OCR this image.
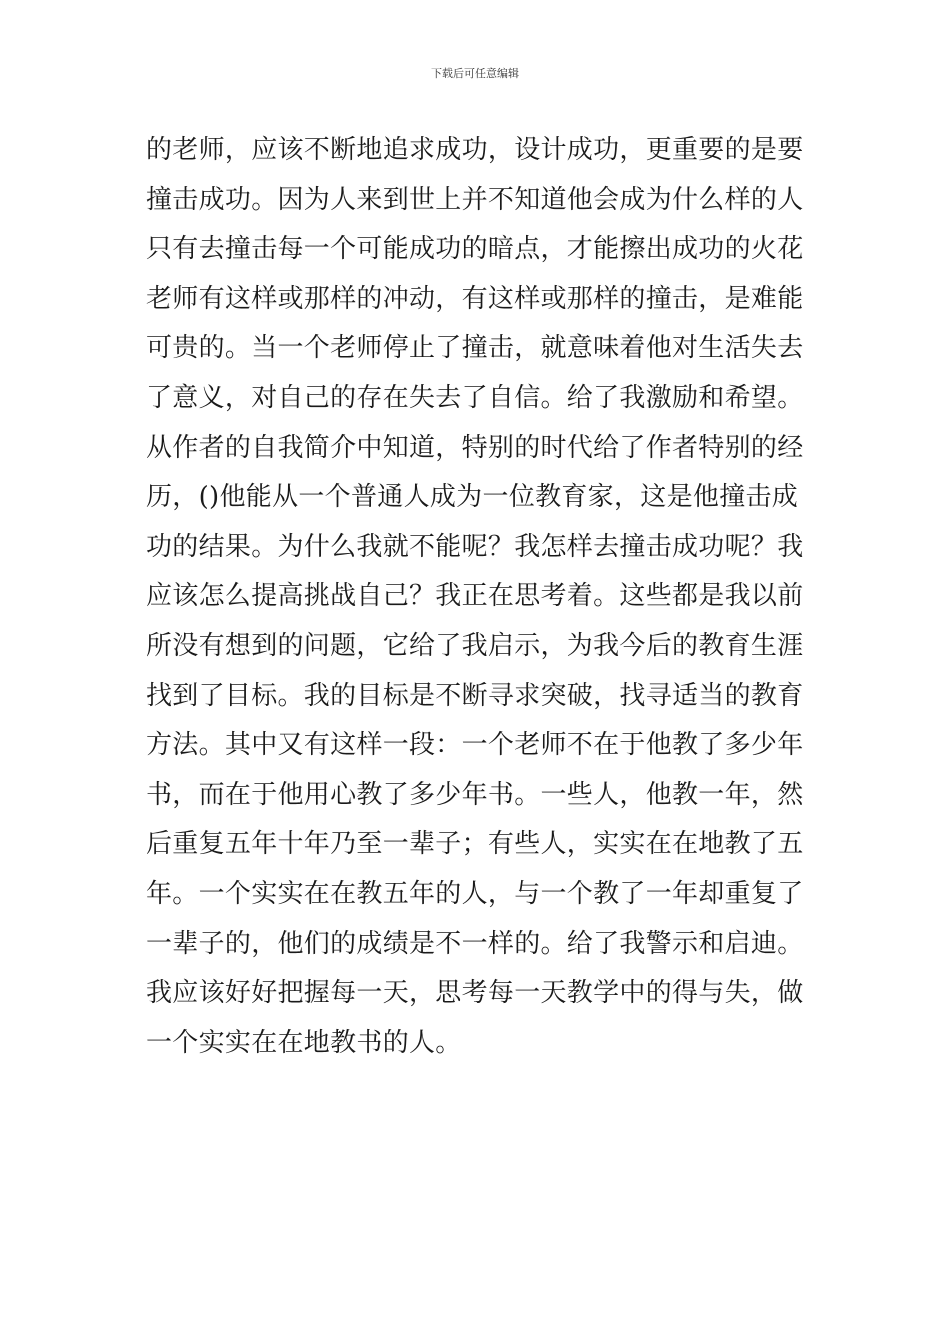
下载后可任意编辑
的老师，应该不断地追求成功，设计成功，更重要的是要
撞击成功。因为人来到世上并不知道他会成为什么样的人
只有去撞击每一个可能成功的暗点，才能擦出成功的火花
老师有这样或那样的冲动，有这样或那样的撞击，是难能
可贵的。当一个老师停止了撞击，就意味着他对生活失去
了意义，对自己的存在失去了自信。给了我激励和希望。
从作者的自我简介中知道，特别的时代给了作者特别的经
历，()他能从一个普通人成为一位教育家，这是他撞击成
功的结果。为什么我就不能呢？我怎样去撞击成功呢？我
应该怎么提高挑战自己？我正在思考着。这些都是我以前
所没有想到的问题，它给了我启示，为我今后的教育生涯
找到了目标。我的目标是不断寻求突破，找寻适当的教育
方法。其中又有这样一段：一个老师不在于他教了多少年
书，而在于他用心教了多少年书。一些人，他教一年，然
后重复五年十年乃至一辈子；有些人，实实在在地教了五
年。一个实实在在教五年的人，与一个教了一年却重复了
一辈子的，他们的成绩是不一样的。给了我警示和启迪。
我应该好好把握每一天，思考每一天教学中的得与失，做
一个实实在在地教书的人。
